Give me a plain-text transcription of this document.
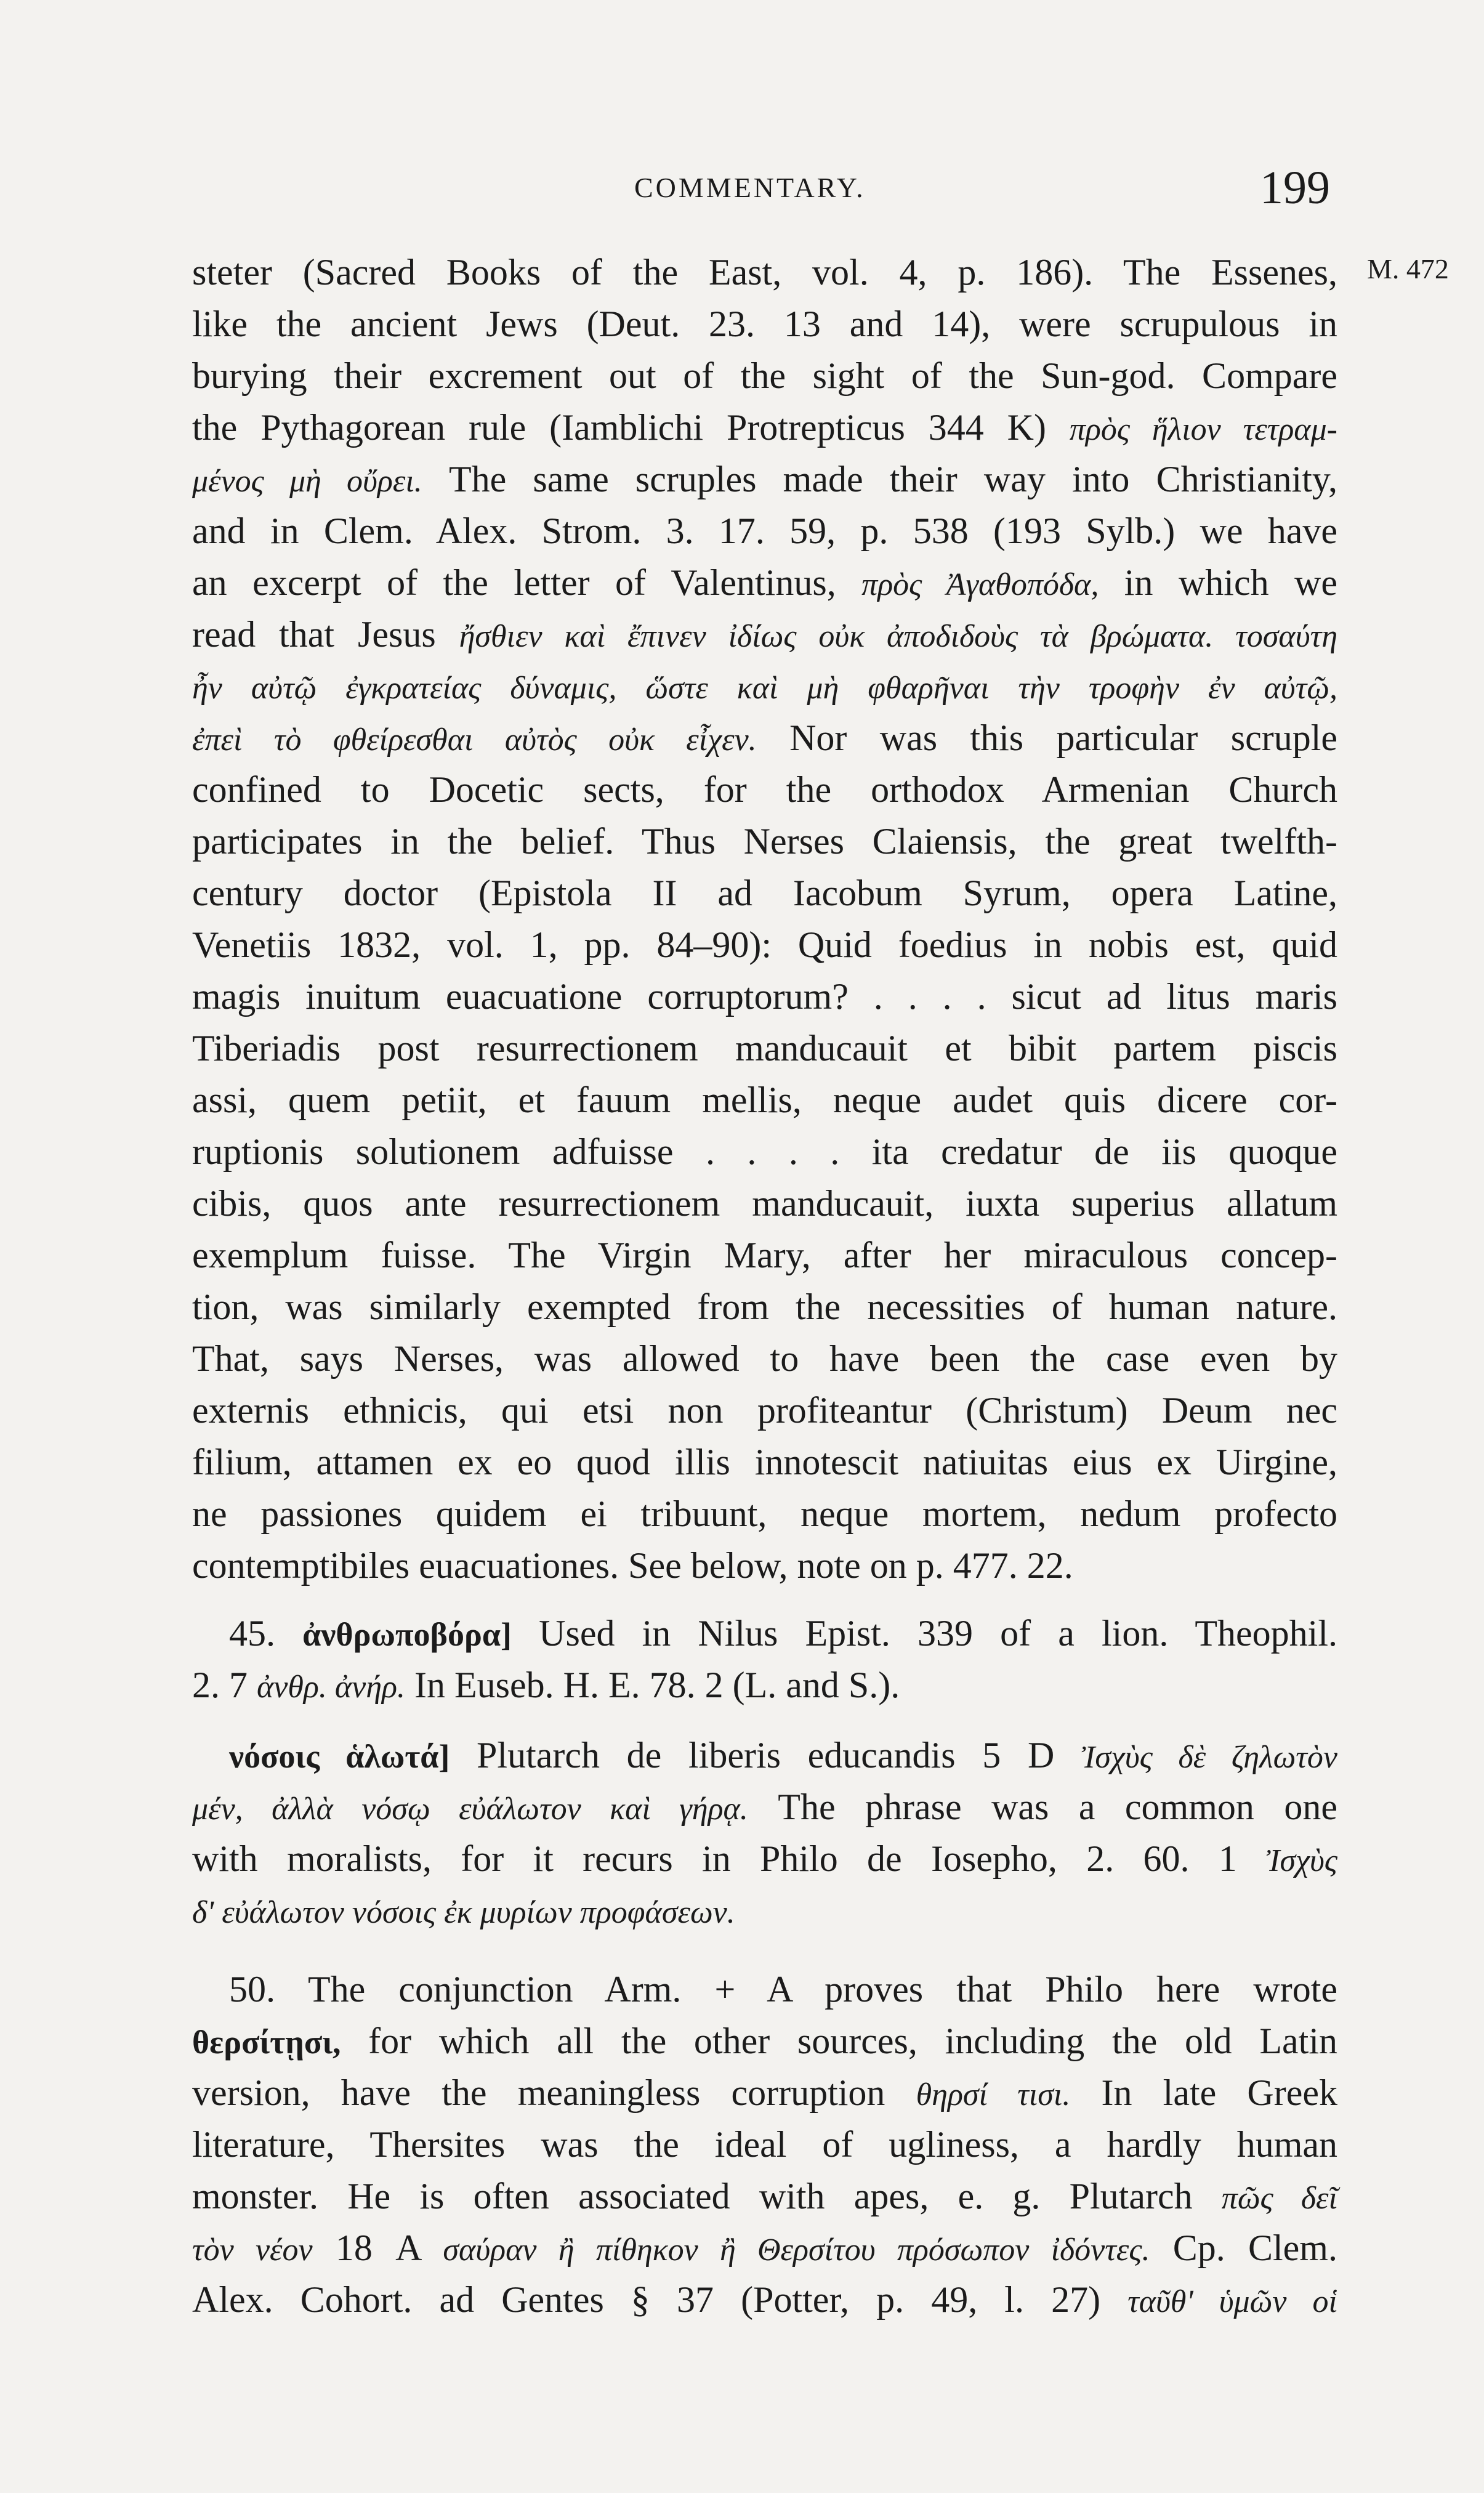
COMMENTARY.	199
M. 472
steter (Sacred Books of the East, vol. 4, p. 186). The Essenes,
like the ancient Jews (Deut. 23. 13 and 14), were scrupulous in
burying their excrement out of the sight of the Sun-god. Compare
the Pythagorean rule (Iamblichi Protrepticus 344 K) πρὸς ἥλιον τετραμ-
μένος μὴ οὔρει. The same scruples made their way into Christianity,
and in Clem. Alex. Strom. 3. 17. 59, p. 538 (193 Sylb.) we have
an excerpt of the letter of Valentinus, πρὸς Ἀγαθοπόδα, in which we
read that Jesus ἤσθιεν καὶ ἔπινεν ἰδίως οὐκ ἀποδιδοὺς τὰ βρώματα. τοσαύτη
ἦν αὐτῷ ἐγκρατείας δύναμις, ὥστε καὶ μὴ φθαρῆναι τὴν τροφὴν ἐν αὐτῷ,
ἐπεὶ τὸ φθείρεσθαι αὐτὸς οὐκ εἶχεν. Nor was this particular scruple
confined to Docetic sects, for the orthodox Armenian Church
participates in the belief. Thus Nerses Claiensis, the great twelfth-
century doctor (Epistola II ad Iacobum Syrum, opera Latine,
Venetiis 1832, vol. 1, pp. 84–90): Quid foedius in nobis est, quid
magis inuitum euacuatione corruptorum? . . . . sicut ad litus maris
Tiberiadis post resurrectionem manducauit et bibit partem piscis
assi, quem petiit, et fauum mellis, neque audet quis dicere cor-
ruptionis solutionem adfuisse . . . . ita credatur de iis quoque
cibis, quos ante resurrectionem manducauit, iuxta superius allatum
exemplum fuisse. The Virgin Mary, after her miraculous concep-
tion, was similarly exempted from the necessities of human nature.
That, says Nerses, was allowed to have been the case even by
externis ethnicis, qui etsi non profiteantur (Christum) Deum nec
filium, attamen ex eo quod illis innotescit natiuitas eius ex Uirgine,
ne passiones quidem ei tribuunt, neque mortem, nedum profecto
contemptibiles euacuationes. See below, note on p. 477. 22.
45. ἀνθρωποβόρα] Used in Nilus Epist. 339 of a lion. Theophil.
2. 7 ἀνθρ. ἀνήρ. In Euseb. H. E. 78. 2 (L. and S.).
νόσοις ἁλωτά] Plutarch de liberis educandis 5 D Ἰσχὺς δὲ ζηλωτὸν
μέν, ἀλλὰ νόσῳ εὐάλωτον καὶ γήρᾳ. The phrase was a common one
with moralists, for it recurs in Philo de Iosepho, 2. 60. 1 Ἰσχὺς
δ' εὐάλωτον νόσοις ἐκ μυρίων προφάσεων.
50. The conjunction Arm. + A proves that Philo here wrote
θερσίτῃσι, for which all the other sources, including the old Latin
version, have the meaningless corruption θηρσί τισι. In late Greek
literature, Thersites was the ideal of ugliness, a hardly human
monster. He is often associated with apes, e. g. Plutarch πῶς δεῖ
τὸν νέον 18 A σαύραν ἢ πίθηκον ἢ Θερσίτου πρόσωπον ἰδόντες. Cp. Clem.
Alex. Cohort. ad Gentes § 37 (Potter, p. 49, l. 27) ταῦθ' ὑμῶν οἱ
